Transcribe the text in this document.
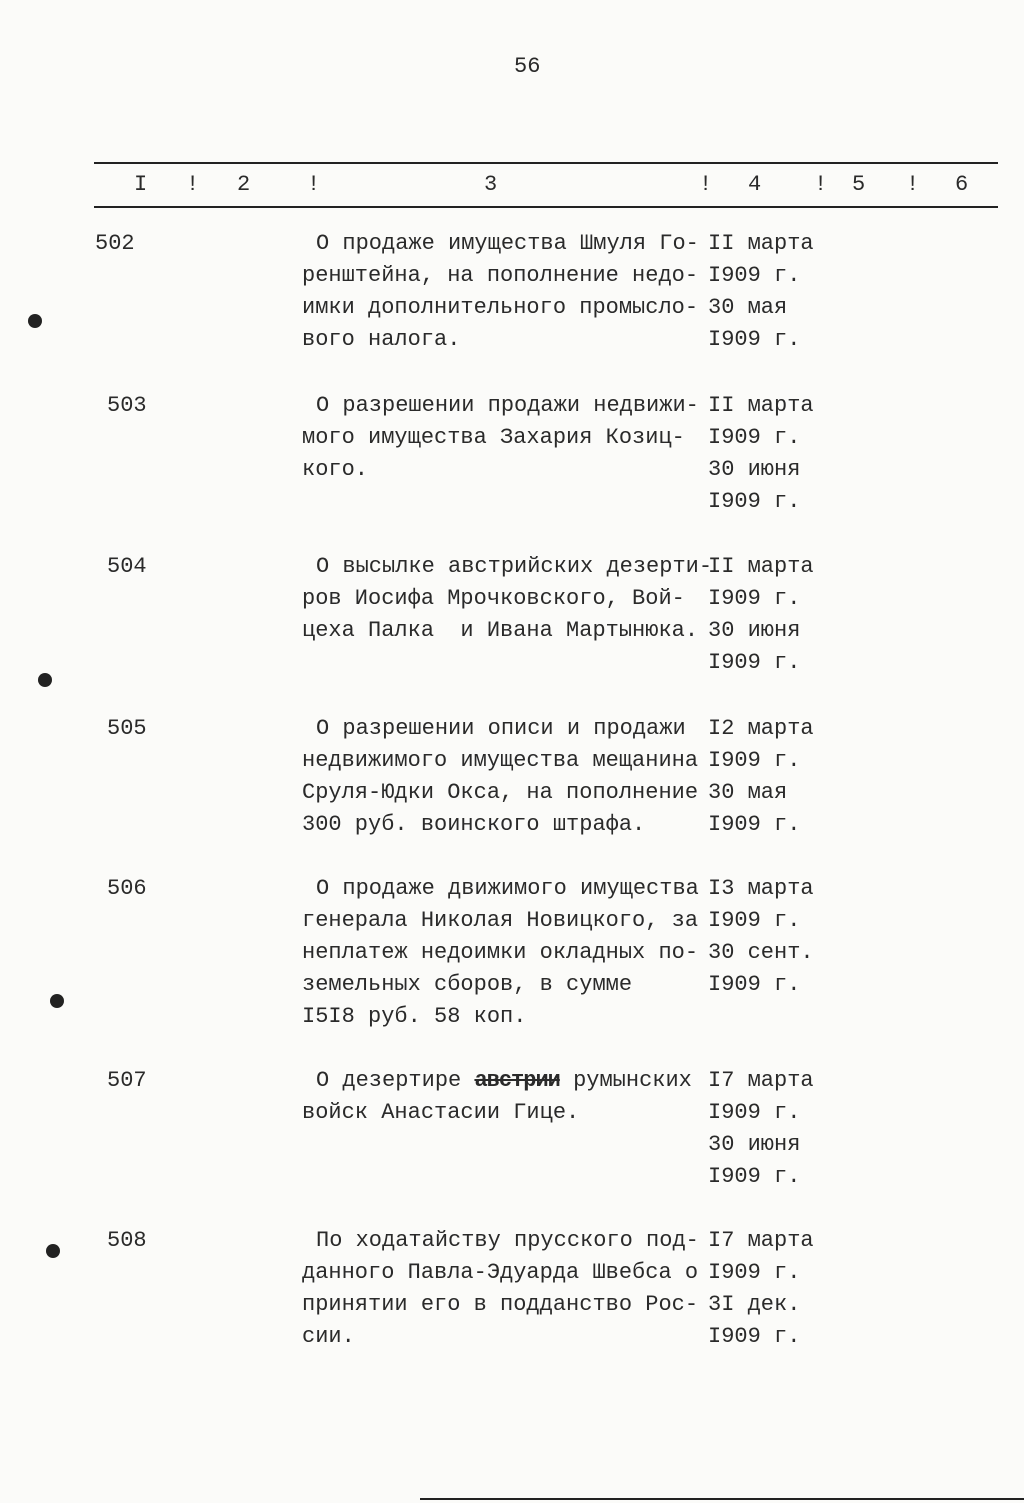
56
I ! 2	!	3	! 4 ! 5 ! 6
502	О продаже имущества Шмуля Го-
ренштейна, на пополнение недо-
имки дополнительного промысло-
вого налога.
II марта
I909 г.
30 мая
I909 г.
503	О разрешении продажи недвижи-
мого имущества Захария Козиц-
кого.
II марта
I909 г.
30 июня
I909 г.
504	О высылке австрийских дезерти-
ров Иосифа Мрочковского, Вой-
цеха Палка  и Ивана Мартынюка.
II марта
I909 г.
30 июня
I909 г.
505	О разрешении описи и продажи
недвижимого имущества мещанина
Сруля-Юдки Окса, на пополнение
300 руб. воинского штрафа.
I2 марта
I909 г.
30 мая
I909 г.
506	О продаже движимого имущества
генерала Николая Новицкого, за
неплатеж недоимки окладных по-
земельных сборов, в сумме
I5I8 руб. 58 коп.
I3 марта
I909 г.
30 сент.
I909 г.
507	О дезертире австрии румынских
войск Анастасии Гице.
I7 марта
I909 г.
30 июня
I909 г.
508	По ходатайству прусского под-
данного Павла-Эдуарда Швебса о
принятии его в подданство Рос-
сии.
I7 марта
I909 г.
3I дек.
I909 г.
